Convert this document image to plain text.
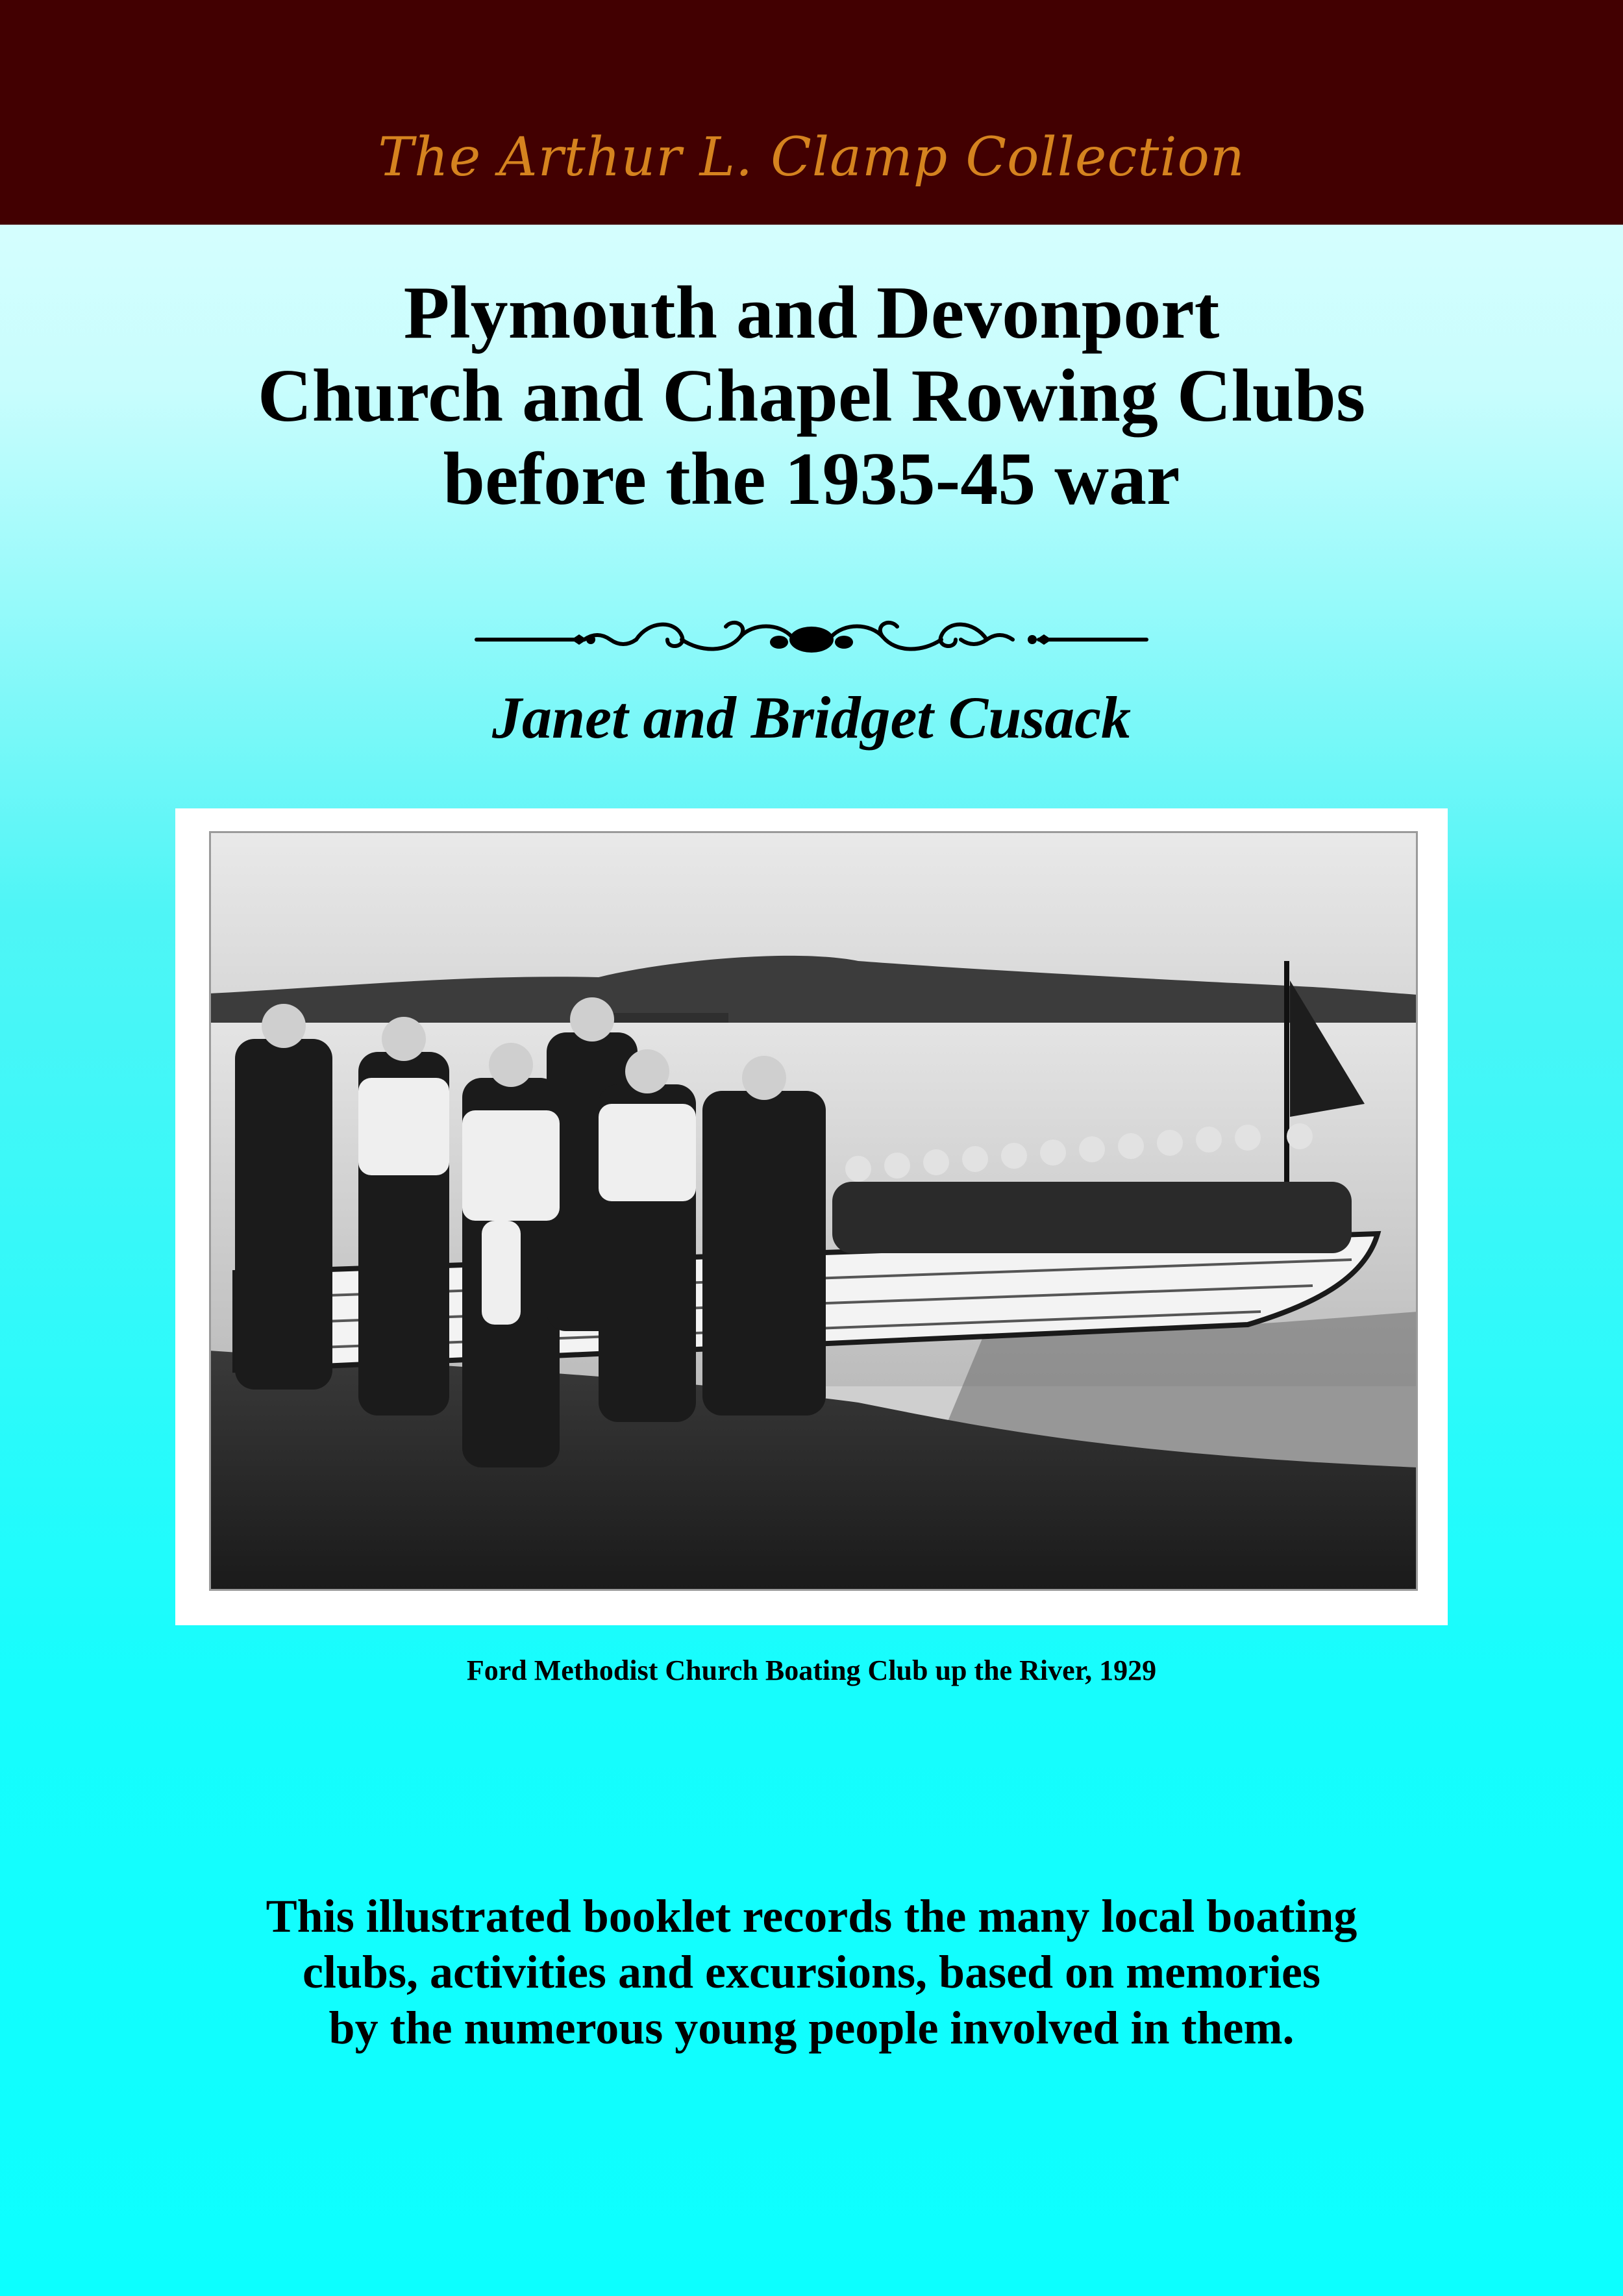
The Arthur L. Clamp Collection
Plymouth and Devonport
Church and Chapel Rowing Clubs
before the 1935-45 war
Janet and Bridget Cusack
Ford Methodist Church Boating Club up the River, 1929
This illustrated booklet records the many local boating
clubs, activities and excursions, based on memories
by the numerous young people involved in them.
